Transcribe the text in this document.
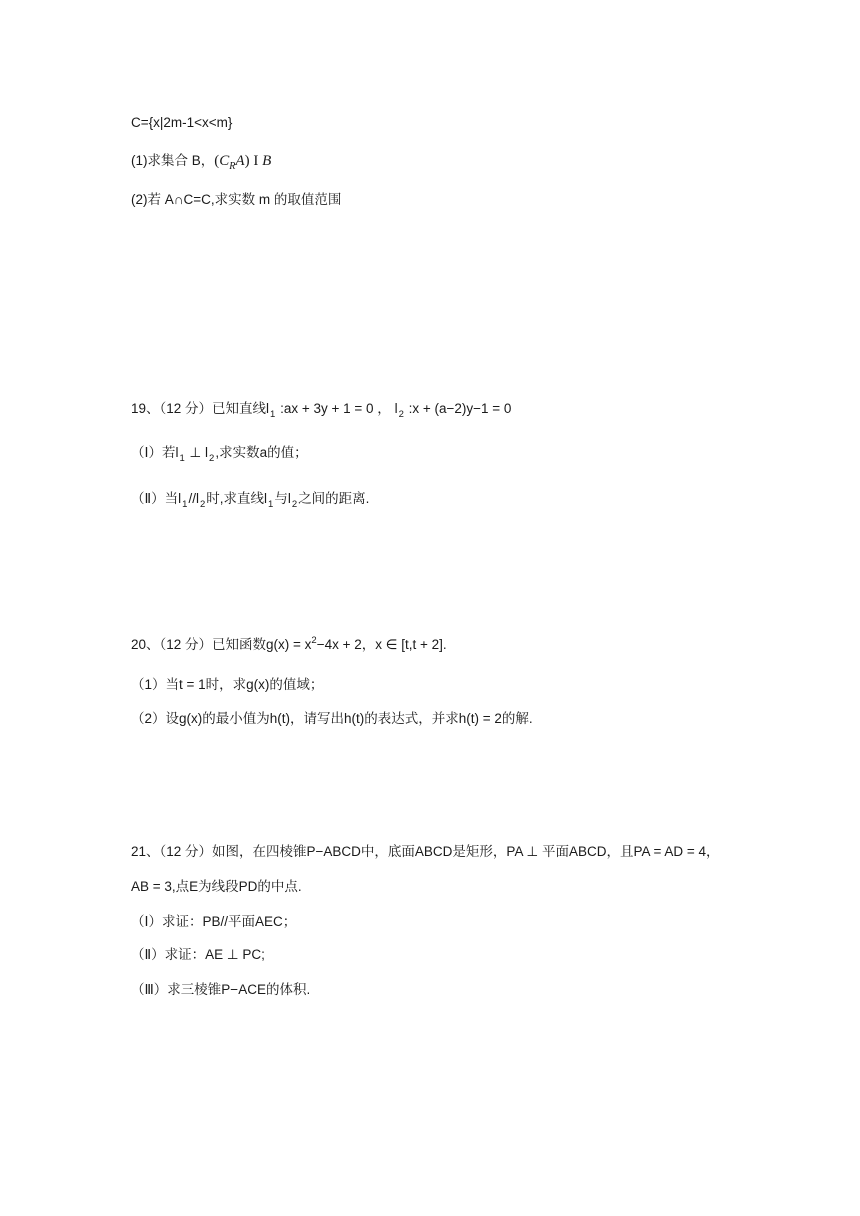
C={x|2m-1<x<m}
(1)求集合 B，$(C_RA)$ I B
(2)若 A∩C=C,求实数 m 的取值范围
19、（12 分）已知直线$l_1$ :ax + 3y + 1 = 0 ， $l_2$ :x + (a−2)y−1 = 0
（Ⅰ）若$l_1$ ⊥ $l_2$,求实数a的值；
（Ⅱ）当$l_1//l_2$时,求直线$l_1$与$l_2$之间的距离.
20、（12 分）已知函数$g(x) = x^2-4x + 2$，x ∈ [t,t + 2].
（1）当t = 1时，求g(x)的值域；
（2）设g(x)的最小值为h(t)，请写出h(t)的表达式，并求h(t) = 2的解.
21、（12 分）如图，在四棱锥P−ABCD中，底面ABCD是矩形，PA ⊥ 平面ABCD，且PA = AD = 4，
AB = 3,点E为线段PD的中点.
（Ⅰ）求证：PB//平面AEC；
（Ⅱ）求证：AE ⊥ PC;
（Ⅲ）求三棱锥P−ACE的体积.
